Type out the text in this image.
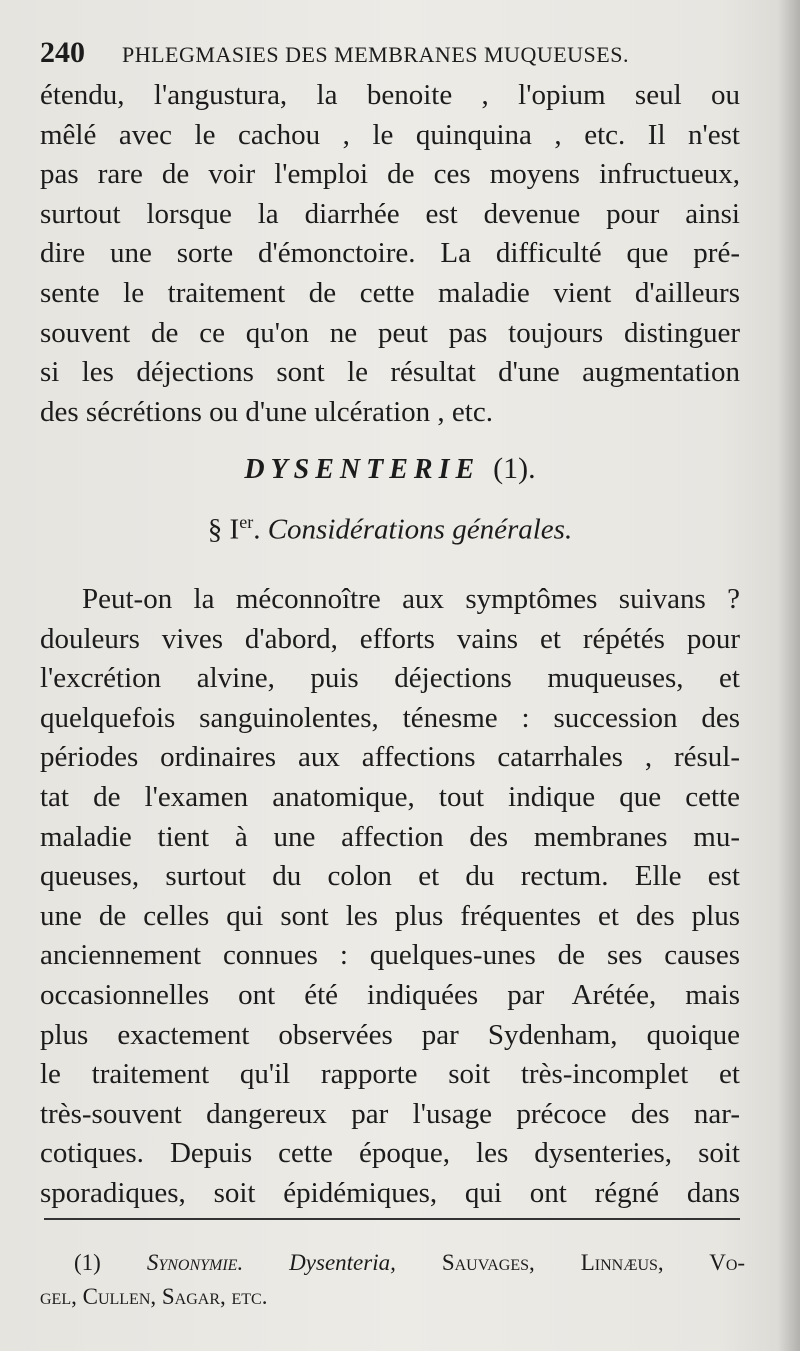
240 PHLEGMASIES DES MEMBRANES MUQUEUSES.
étendu, l'angustura, la benoite , l'opium seul ou
mêlé avec le cachou , le quinquina , etc. Il n'est
pas rare de voir l'emploi de ces moyens infructueux,
surtout lorsque la diarrhée est devenue pour ainsi
dire une sorte d'émonctoire. La difficulté que pré-
sente le traitement de cette maladie vient d'ailleurs
souvent de ce qu'on ne peut pas toujours distinguer
si les déjections sont le résultat d'une augmentation
des sécrétions ou d'une ulcération , etc.
DYSENTERIE (1).
§ Ier. Considérations générales.
Peut-on la méconnoître aux symptômes suivans ?
douleurs vives d'abord, efforts vains et répétés pour
l'excrétion alvine, puis déjections muqueuses, et
quelquefois sanguinolentes, ténesme : succession des
périodes ordinaires aux affections catarrhales , résul-
tat de l'examen anatomique, tout indique que cette
maladie tient à une affection des membranes mu-
queuses, surtout du colon et du rectum. Elle est
une de celles qui sont les plus fréquentes et des plus
anciennement connues : quelques-unes de ses causes
occasionnelles ont été indiquées par Arétée, mais
plus exactement observées par Sydenham, quoique
le traitement qu'il rapporte soit très-incomplet et
très-souvent dangereux par l'usage précoce des nar-
cotiques. Depuis cette époque, les dysenteries, soit
sporadiques, soit épidémiques, qui ont régné dans
(1) Synonymie. Dysenteria, Sauvages, Linnæus, Vo-
gel, Cullen, Sagar, etc.
